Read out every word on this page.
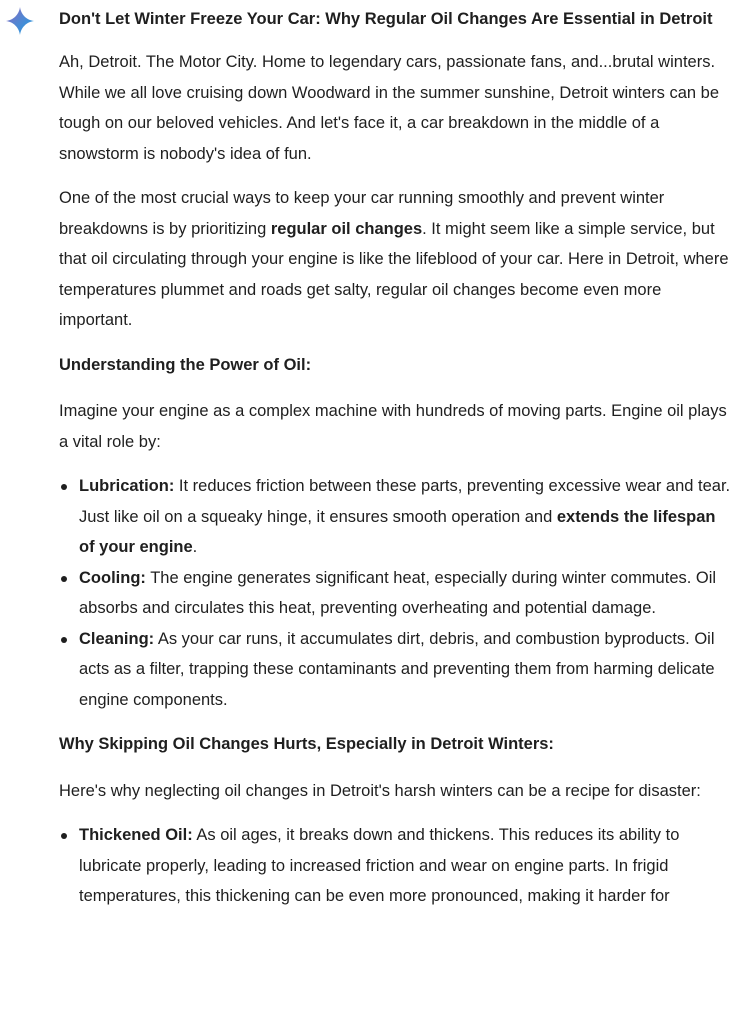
Don't Let Winter Freeze Your Car: Why Regular Oil Changes Are Essential in Detroit

Ah, Detroit. The Motor City. Home to legendary cars, passionate fans, and...brutal winters. While we all love cruising down Woodward in the summer sunshine, Detroit winters can be tough on our beloved vehicles. And let's face it, a car breakdown in the middle of a snowstorm is nobody's idea of fun.

One of the most crucial ways to keep your car running smoothly and prevent winter breakdowns is by prioritizing regular oil changes. It might seem like a simple service, but that oil circulating through your engine is like the lifeblood of your car. Here in Detroit, where temperatures plummet and roads get salty, regular oil changes become even more important.

Understanding the Power of Oil:

Imagine your engine as a complex machine with hundreds of moving parts. Engine oil plays a vital role by:

Lubrication: It reduces friction between these parts, preventing excessive wear and tear. Just like oil on a squeaky hinge, it ensures smooth operation and extends the lifespan of your engine.
Cooling: The engine generates significant heat, especially during winter commutes. Oil absorbs and circulates this heat, preventing overheating and potential damage.
Cleaning: As your car runs, it accumulates dirt, debris, and combustion byproducts. Oil acts as a filter, trapping these contaminants and preventing them from harming delicate engine components.
Why Skipping Oil Changes Hurts, Especially in Detroit Winters:

Here's why neglecting oil changes in Detroit's harsh winters can be a recipe for disaster:

Thickened Oil: As oil ages, it breaks down and thickens. This reduces its ability to lubricate properly, leading to increased friction and wear on engine parts. In frigid temperatures, this thickening can be even more pronounced, making it harder for
